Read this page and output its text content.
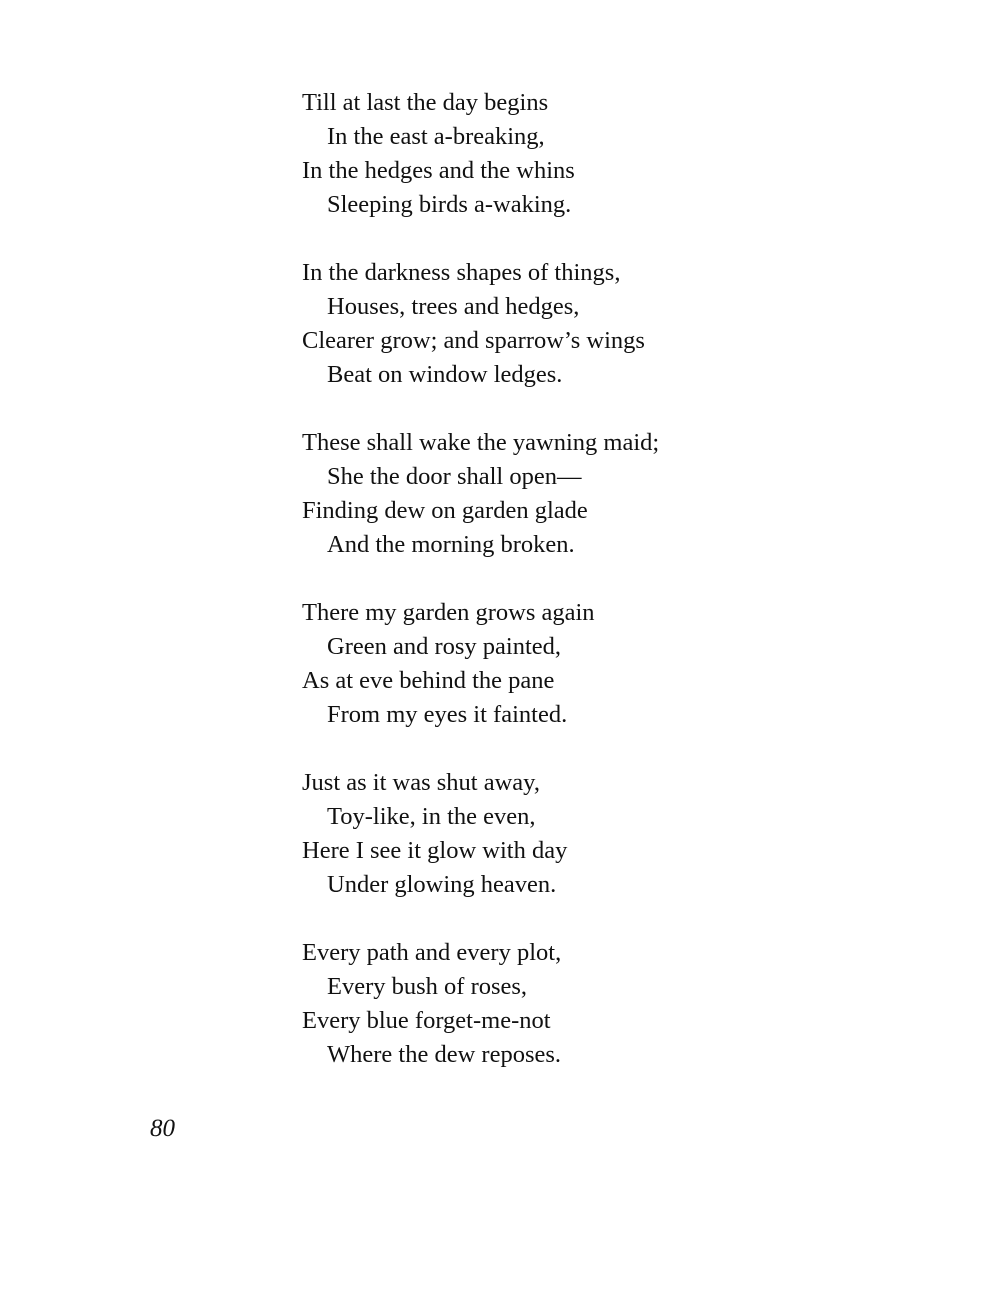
Till at last the day begins
In the east a-breaking,
In the hedges and the whins
Sleeping birds a-waking.
In the darkness shapes of things,
Houses, trees and hedges,
Clearer grow; and sparrow’s wings
Beat on window ledges.
These shall wake the yawning maid;
She the door shall open—
Finding dew on garden glade
And the morning broken.
There my garden grows again
Green and rosy painted,
As at eve behind the pane
From my eyes it fainted.
Just as it was shut away,
Toy-like, in the even,
Here I see it glow with day
Under glowing heaven.
Every path and every plot,
Every bush of roses,
Every blue forget-me-not
Where the dew reposes.
80
